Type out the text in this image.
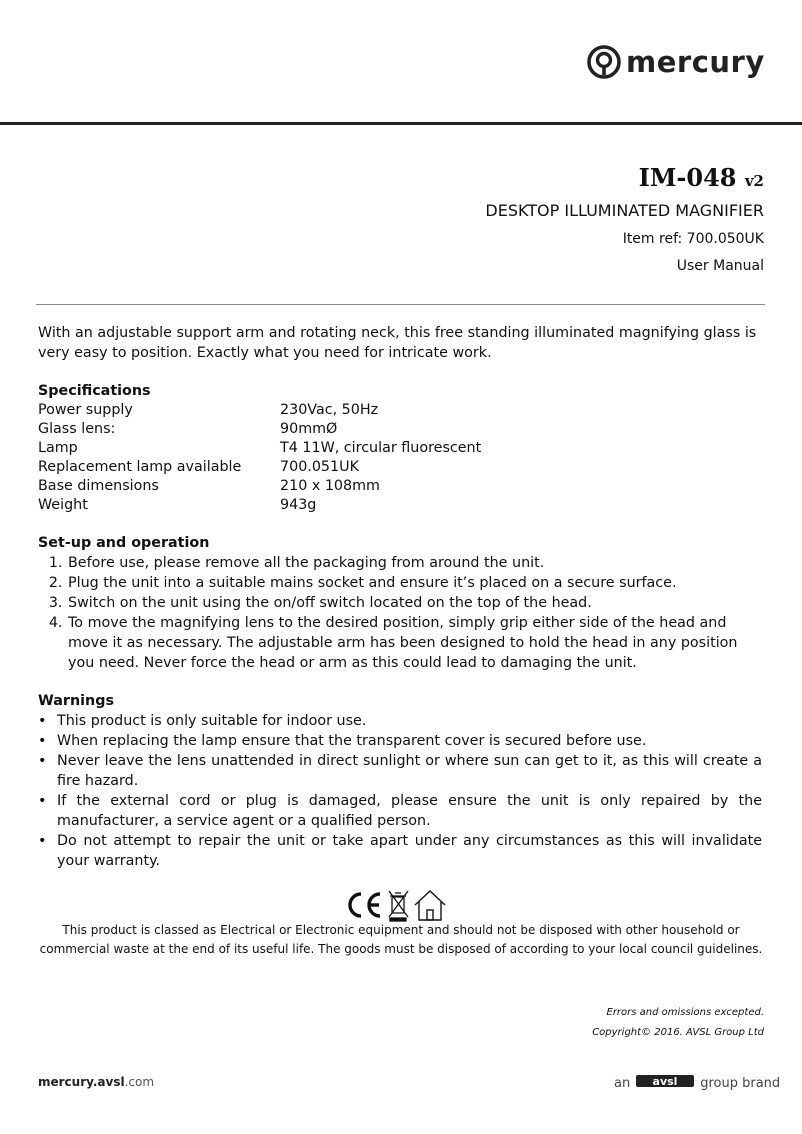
mercury
IM-048 v2
DESKTOP ILLUMINATED MAGNIFIER
Item ref: 700.050UK
User Manual

With an adjustable support arm and rotating neck, this free standing illuminated magnifying glass is very easy to position. Exactly what you need for intricate work.

Specifications
Power supply	230Vac, 50Hz
Glass lens:	90mmØ
Lamp	T4 11W, circular fluorescent
Replacement lamp available	700.051UK
Base dimensions	210 x 108mm
Weight	943g
Set-up and operation
1. Before use, please remove all the packaging from around the unit.
2. Plug the unit into a suitable mains socket and ensure it’s placed on a secure surface.
3. Switch on the unit using the on/off switch located on the top of the head.
4. To move the magnifying lens to the desired position, simply grip either side of the head and move it as necessary. The adjustable arm has been designed to hold the head in any position you need. Never force the head or arm as this could lead to damaging the unit.
Warnings
• This product is only suitable for indoor use.
• When replacing the lamp ensure that the transparent cover is secured before use.
• Never leave the lens unattended in direct sunlight or where sun can get to it, as this will create a fire hazard.
• If the external cord or plug is damaged, please ensure the unit is only repaired by the manufacturer, a service agent or a qualified person.
• Do not attempt to repair the unit or take apart under any circumstances as this will invalidate your warranty.
This product is classed as Electrical or Electronic equipment and should not be disposed with other household or commercial waste at the end of its useful life. The goods must be disposed of according to your local council guidelines.
Errors and omissions excepted.
Copyright© 2016. AVSL Group Ltd
mercury.avsl.com	an avsl group brand
